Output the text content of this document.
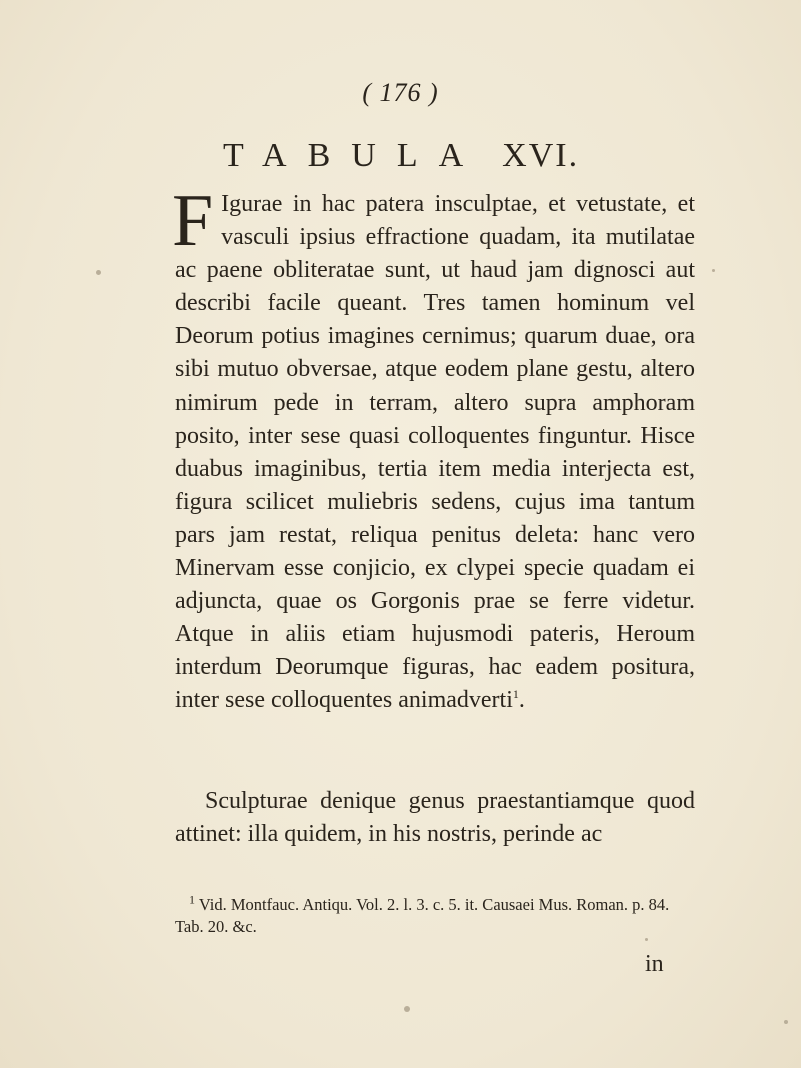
( 176 )
TABULA XVI.
F Igurae in hac patera insculptae, et vetustate, et vasculi ipsius effractione quadam, ita mutilatae ac paene obliteratae sunt, ut haud jam dignosci aut describi facile queant. Tres tamen hominum vel Deorum potius imagines cernimus; quarum duae, ora sibi mutuo obversae, atque eodem plane gestu, altero nimirum pede in terram, altero supra amphoram posito, inter sese quasi colloquentes finguntur. Hisce duabus imaginibus, tertia item media interjecta est, figura scilicet muliebris sedens, cujus ima tantum pars jam restat, reliqua penitus deleta: hanc vero Minervam esse conjicio, ex clypei specie quadam ei adjuncta, quae os Gorgonis prae se ferre videtur. Atque in aliis etiam hujusmodi pateris, Heroum interdum Deorumque figuras, hac eadem positura, inter sese colloquentes animadverti$^1$.
Sculpturae denique genus praestantiamque quod attinet: illa quidem, in his nostris, perinde ac
$^1$ Vid. Montfauc. Antiqu. Vol. 2. l. 3. c. 5. it. Causaei Mus. Roman. p. 84. Tab. 20. &c.
in
